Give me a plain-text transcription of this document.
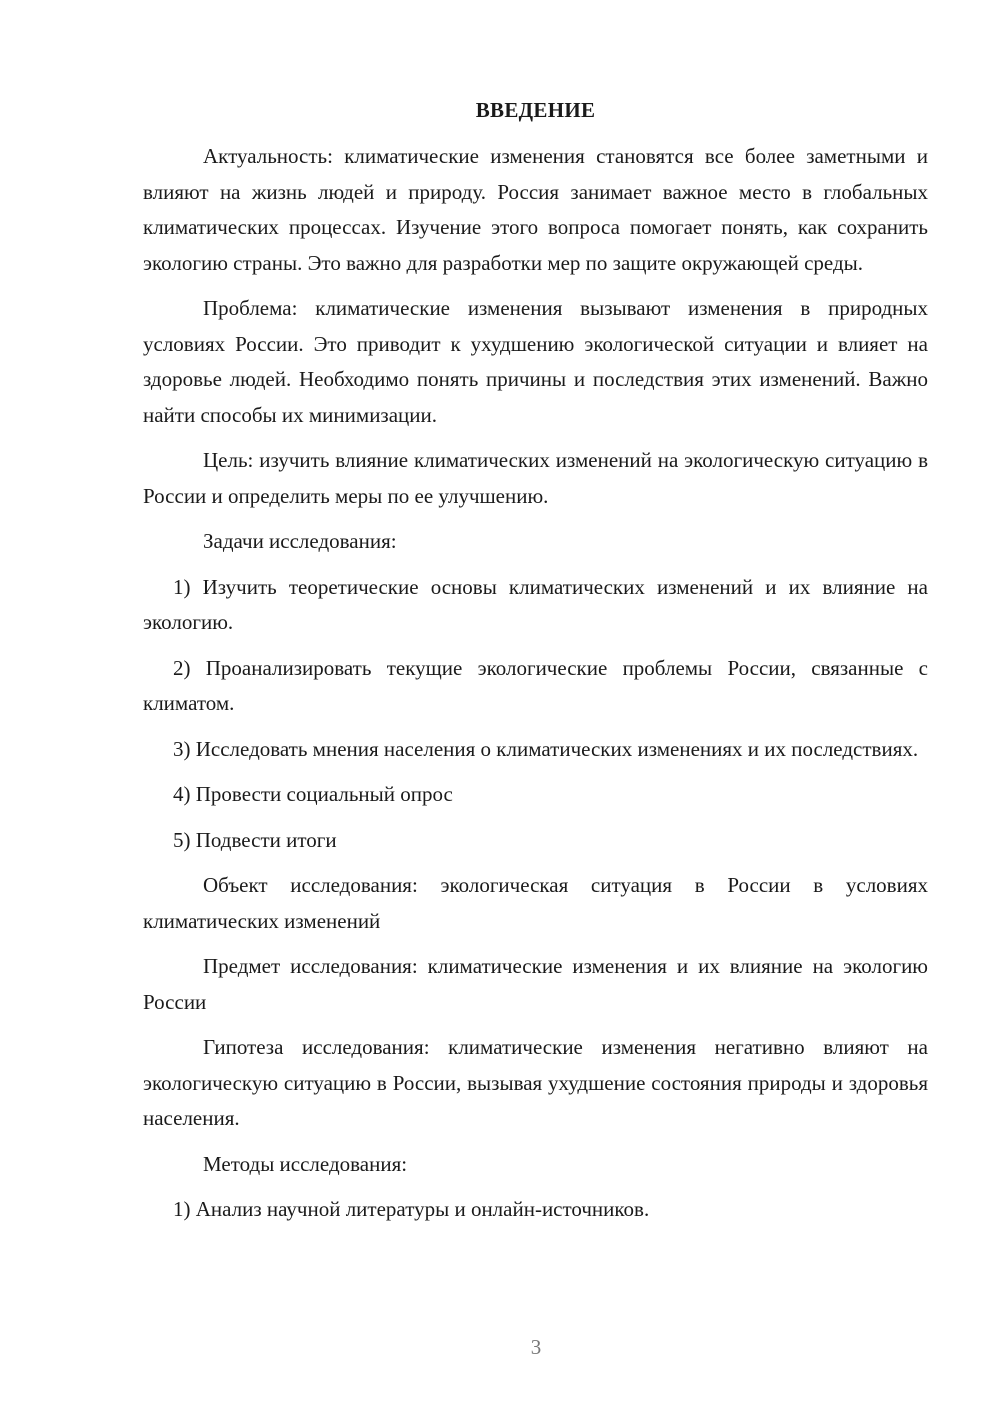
ВВЕДЕНИЕ

Актуальность: климатические изменения становятся все более заметными и влияют на жизнь людей и природу. Россия занимает важное место в глобальных климатических процессах. Изучение этого вопроса помогает понять, как сохранить экологию страны. Это важно для разработки мер по защите окружающей среды.

Проблема: климатические изменения вызывают изменения в природных условиях России. Это приводит к ухудшению экологической ситуации и влияет на здоровье людей. Необходимо понять причины и последствия этих изменений. Важно найти способы их минимизации.

Цель: изучить влияние климатических изменений на экологическую ситуацию в России и определить меры по ее улучшению.

Задачи исследования:

1) Изучить теоретические основы климатических изменений и их влияние на экологию.

2) Проанализировать текущие экологические проблемы России, связанные с климатом.

3) Исследовать мнения населения о климатических изменениях и их последствиях.

4) Провести социальный опрос

5) Подвести итоги

Объект исследования: экологическая ситуация в России в условиях климатических изменений

Предмет исследования: климатические изменения и их влияние на экологию России

Гипотеза исследования: климатические изменения негативно влияют на экологическую ситуацию в России, вызывая ухудшение состояния природы и здоровья населения.

Методы исследования:

1) Анализ научной литературы и онлайн-источников.

3
